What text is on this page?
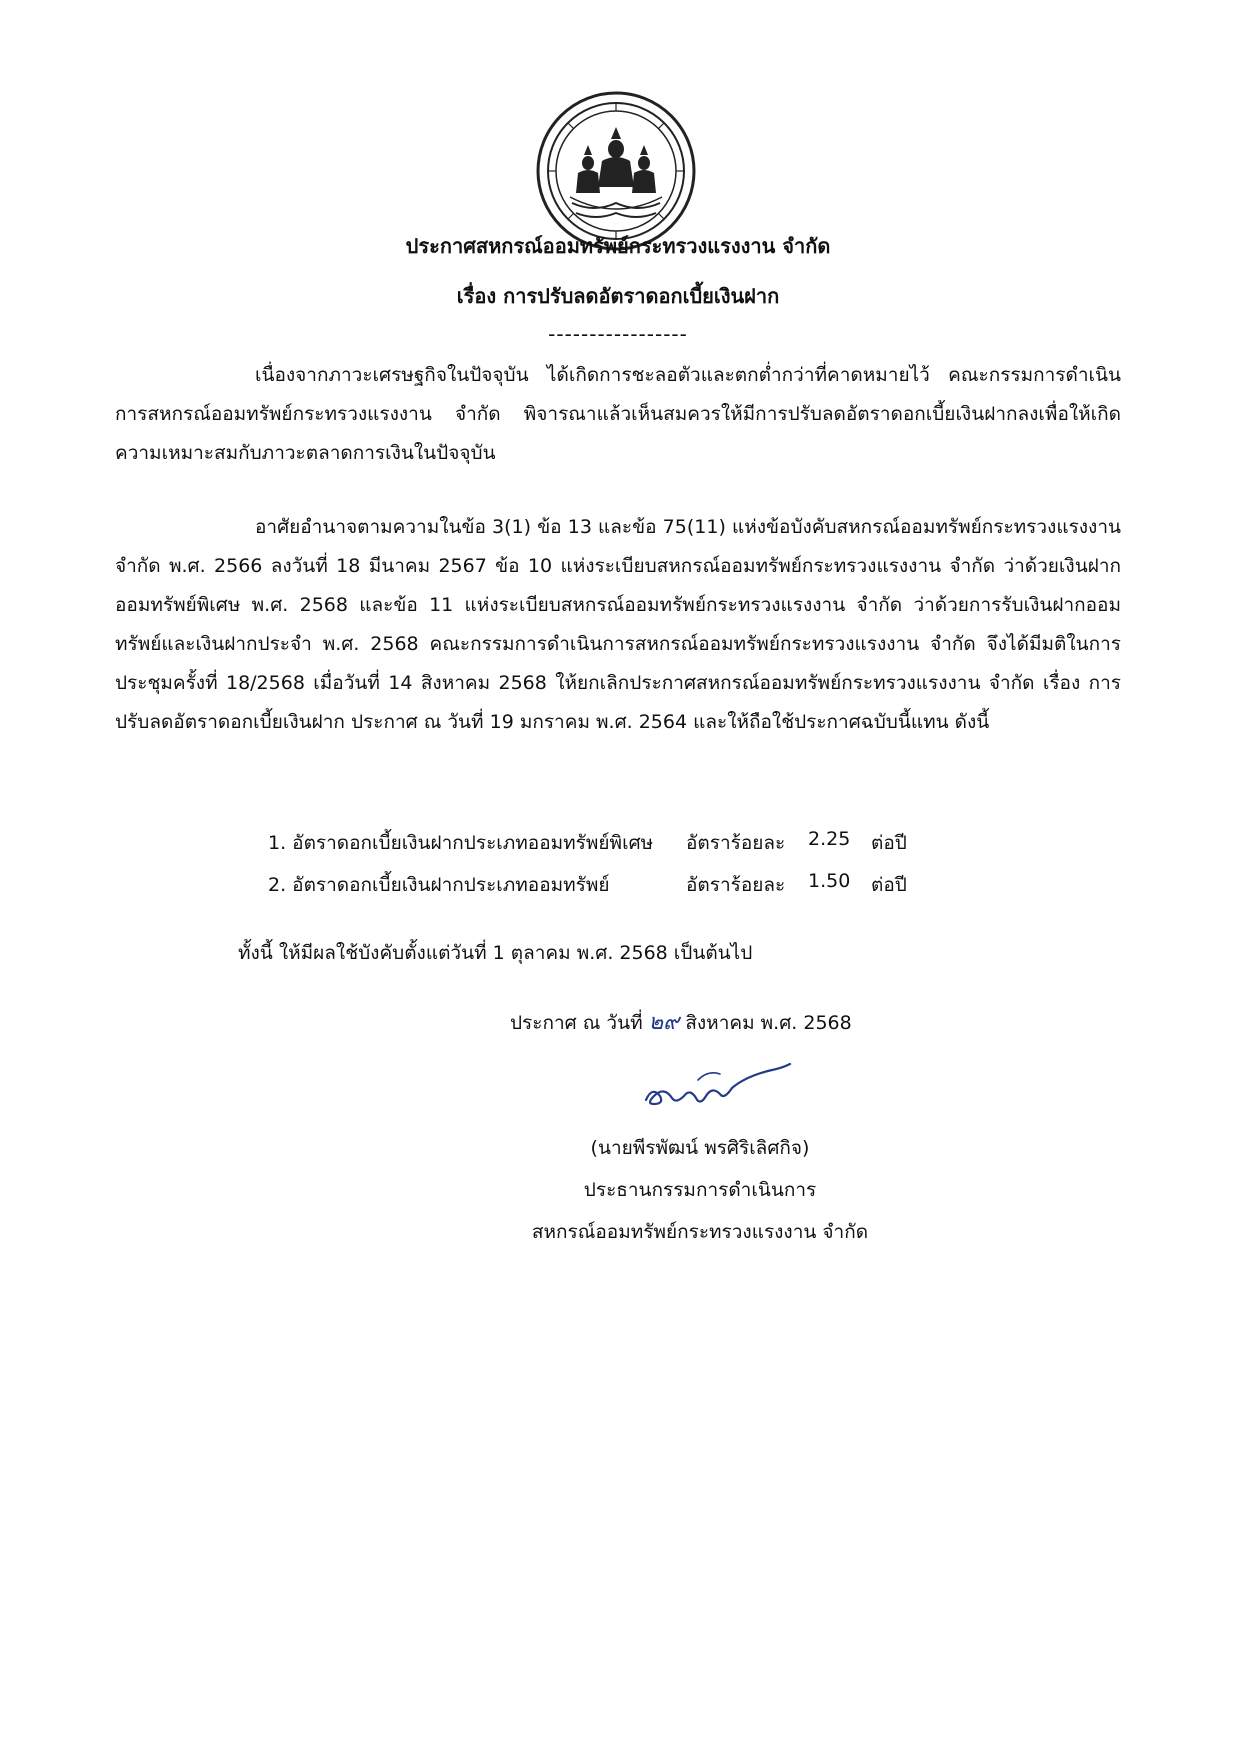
ประกาศสหกรณ์ออมทรัพย์กระทรวงแรงงาน จำกัด
เรื่อง การปรับลดอัตราดอกเบี้ยเงินฝาก
-----------------

เนื่องจากภาวะเศรษฐกิจในปัจจุบัน ได้เกิดการชะลอตัวและตกต่ำกว่าที่คาดหมายไว้ คณะกรรมการดำเนินการสหกรณ์ออมทรัพย์กระทรวงแรงงาน จำกัด พิจารณาแล้วเห็นสมควรให้มีการปรับลดอัตราดอกเบี้ยเงินฝากลงเพื่อให้เกิดความเหมาะสมกับภาวะตลาดการเงินในปัจจุบัน

อาศัยอำนาจตามความในข้อ 3(1) ข้อ 13 และข้อ 75(11) แห่งข้อบังคับสหกรณ์ออมทรัพย์กระทรวงแรงงาน จำกัด พ.ศ. 2566 ลงวันที่ 18 มีนาคม 2567 ข้อ 10 แห่งระเบียบสหกรณ์ออมทรัพย์กระทรวงแรงงาน จำกัด ว่าด้วยเงินฝากออมทรัพย์พิเศษ พ.ศ. 2568 และข้อ 11 แห่งระเบียบสหกรณ์ออมทรัพย์กระทรวงแรงงาน จำกัด ว่าด้วยการรับเงินฝากออมทรัพย์และเงินฝากประจำ พ.ศ. 2568 คณะกรรมการดำเนินการสหกรณ์ออมทรัพย์กระทรวงแรงงาน จำกัด จึงได้มีมติในการประชุมครั้งที่ 18/2568 เมื่อวันที่ 14 สิงหาคม 2568 ให้ยกเลิกประกาศสหกรณ์ออมทรัพย์กระทรวงแรงงาน จำกัด เรื่อง การปรับลดอัตราดอกเบี้ยเงินฝาก ประกาศ ณ วันที่ 19 มกราคม พ.ศ. 2564 และให้ถือใช้ประกาศฉบับนี้แทน ดังนี้

1. อัตราดอกเบี้ยเงินฝากประเภทออมทรัพย์พิเศษ อัตราร้อยละ 2.25 ต่อปี
2. อัตราดอกเบี้ยเงินฝากประเภทออมทรัพย์	อัตราร้อยละ 1.50 ต่อปี
ทั้งนี้ ให้มีผลใช้บังคับตั้งแต่วันที่ 1 ตุลาคม พ.ศ. 2568 เป็นต้นไป
ประกาศ ณ วันที่ ๒๙ สิงหาคม พ.ศ. 2568
(นายพีรพัฒน์ พรศิริเลิศกิจ)
ประธานกรรมการดำเนินการ
สหกรณ์ออมทรัพย์กระทรวงแรงงาน จำกัด
